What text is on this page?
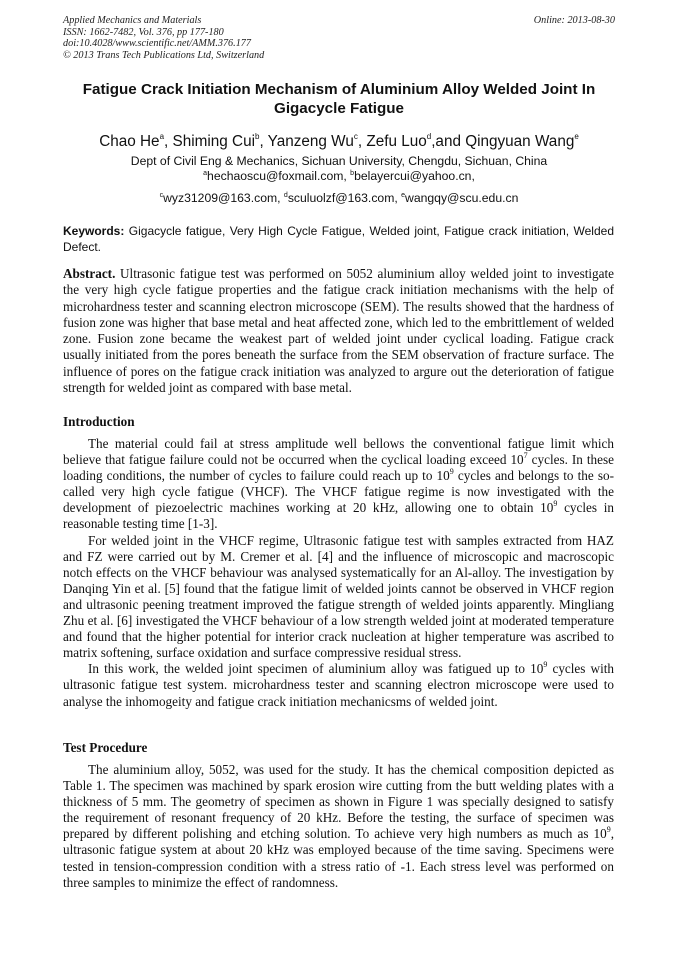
Applied Mechanics and Materials
ISSN: 1662-7482, Vol. 376, pp 177-180
doi:10.4028/www.scientific.net/AMM.376.177
© 2013 Trans Tech Publications Ltd, Switzerland
Online: 2013-08-30
Fatigue Crack Initiation Mechanism of Aluminium Alloy Welded Joint In Gigacycle Fatigue
Chao He$^a$, Shiming Cui$^b$, Yanzeng Wu$^c$, Zefu Luo$^d$,and Qingyuan Wang$^e$
Dept of Civil Eng & Mechanics, Sichuan University, Chengdu, Sichuan, China
$^a$hechaoscu@foxmail.com, $^b$belayercui@yahoo.cn,
$^c$wyz31209@163.com, $^d$sculuolzf@163.com, $^e$wangqy@scu.edu.cn
Keywords: Gigacycle fatigue, Very High Cycle Fatigue, Welded joint, Fatigue crack initiation, Welded Defect.
Abstract. Ultrasonic fatigue test was performed on 5052 aluminium alloy welded joint to investigate the very high cycle fatigue properties and the fatigue crack initiation mechanisms with the help of microhardness tester and scanning electron microscope (SEM). The results showed that the hardness of fusion zone was higher that base metal and heat affected zone, which led to the embrittlement of welded zone. Fusion zone became the weakest part of welded joint under cyclical loading. Fatigue crack usually initiated from the pores beneath the surface from the SEM observation of fracture surface. The influence of pores on the fatigue crack initiation was analyzed to argure out the deterioration of fatigue strength for welded joint as compared with base metal.
Introduction

The material could fail at stress amplitude well bellows the conventional fatigue limit which believe that fatigue failure could not be occurred when the cyclical loading exceed $10^7$ cycles. In these loading conditions, the number of cycles to failure could reach up to $10^9$ cycles and belongs to the so-called very high cycle fatigue (VHCF). The VHCF fatigue regime is now investigated with the development of piezoelectric machines working at 20 kHz, allowing one to obtain $10^9$ cycles in reasonable testing time [1-3].

For welded joint in the VHCF regime, Ultrasonic fatigue test with samples extracted from HAZ and FZ were carried out by M. Cremer et al. [4] and the influence of microscopic and macroscopic notch effects on the VHCF behaviour was analysed systematically for an Al-alloy. The investigation by Danqing Yin et al. [5] found that the fatigue limit of welded joints cannot be observed in VHCF region and ultrasonic peening treatment improved the fatigue strength of welded joints apparently. Mingliang Zhu et al. [6] investigated the VHCF behaviour of a low strength welded joint at moderated temperature and found that the higher potential for interior crack nucleation at higher temperature was ascribed to matrix softening, surface oxidation and surface compressive residual stress.

In this work, the welded joint specimen of aluminium alloy was fatigued up to $10^9$ cycles with ultrasonic fatigue test system. microhardness tester and scanning electron microscope were used to analyse the inhomogeity and fatigue crack initiation mechanicsms of welded joint.

Test Procedure

The aluminium alloy, 5052, was used for the study. It has the chemical composition depicted as Table 1. The specimen was machined by spark erosion wire cutting from the butt welding plates with a thickness of 5 mm. The geometry of specimen as shown in Figure 1 was specially designed to satisfy the requirement of resonant frequency of 20 kHz. Before the testing, the surface of specimen was prepared by different polishing and etching solution. To achieve very high numbers as much as $10^9$, ultrasonic fatigue system at about 20 kHz was employed because of the time saving. Specimens were tested in tension-compression condition with a stress ratio of -1. Each stress level was performed on three samples to minimize the effect of randomness.
